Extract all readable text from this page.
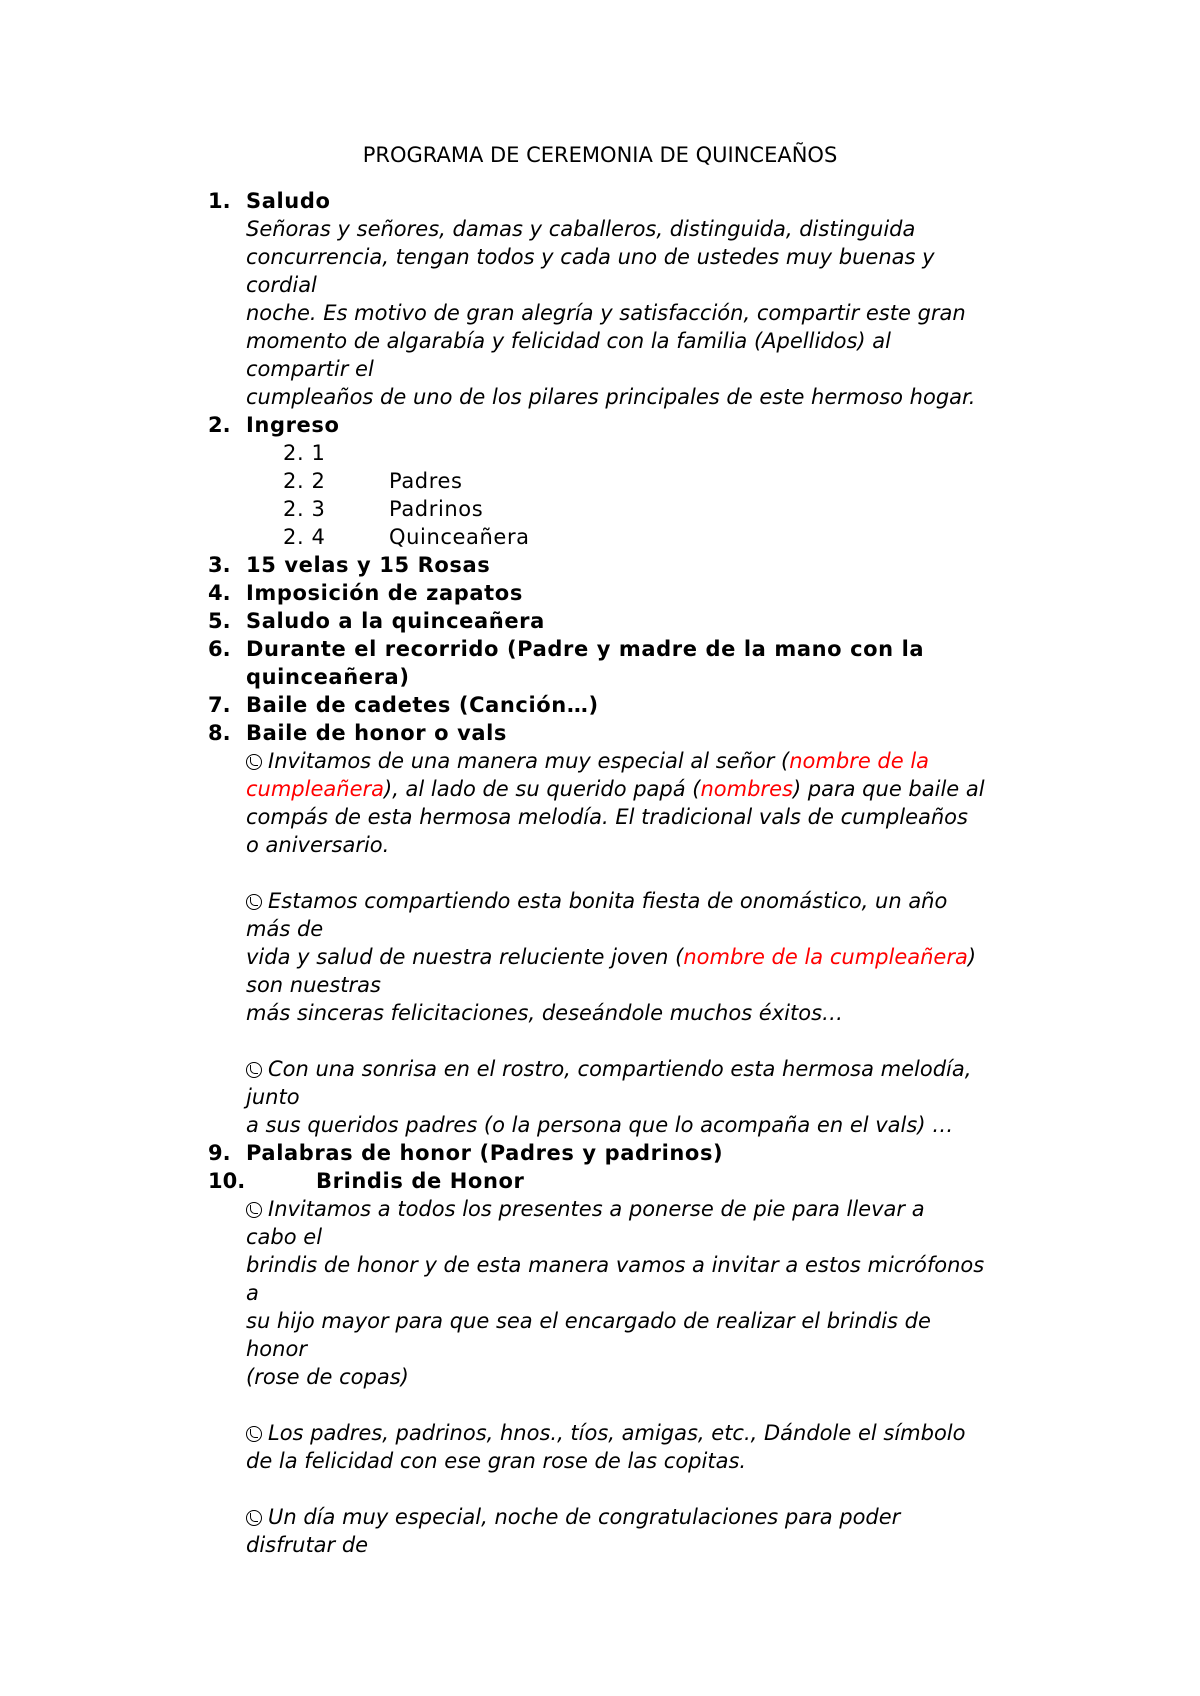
PROGRAMA DE CEREMONIA DE QUINCEAÑOS
1. Saludo
Señoras y señores, damas y caballeros, distinguida, distinguida
concurrencia, tengan todos y cada uno de ustedes muy buenas y
cordial
noche. Es motivo de gran alegría y satisfacción, compartir este gran
momento de algarabía y felicidad con la familia (Apellidos) al
compartir el
cumpleaños de uno de los pilares principales de este hermoso hogar.
2. Ingreso
2. 1
2. 2	Padres
2. 3	Padrinos
2. 4	Quinceañera
3. 15 velas y 15 Rosas
4. Imposición de zapatos
5. Saludo a la quinceañera
6. Durante el recorrido (Padre y madre de la mano con la
quinceañera)
7. Baile de cadetes (Canción…)
8. Baile de honor o vals
Invitamos de una manera muy especial al señor (nombre de la
cumpleañera), al lado de su querido papá (nombres) para que baile al
compás de esta hermosa melodía. El tradicional vals de cumpleaños
o aniversario.
Estamos compartiendo esta bonita fiesta de onomástico, un año
más de
vida y salud de nuestra reluciente joven (nombre de la cumpleañera)
son nuestras
más sinceras felicitaciones, deseándole muchos éxitos…
Con una sonrisa en el rostro, compartiendo esta hermosa melodía,
junto
a sus queridos padres (o la persona que lo acompaña en el vals) …
9. Palabras de honor (Padres y padrinos)
10.	Brindis de Honor
Invitamos a todos los presentes a ponerse de pie para llevar a
cabo el
brindis de honor y de esta manera vamos a invitar a estos micrófonos
a
su hijo mayor para que sea el encargado de realizar el brindis de
honor
(rose de copas)
Los padres, padrinos, hnos., tíos, amigas, etc., Dándole el símbolo
de la felicidad con ese gran rose de las copitas.
Un día muy especial, noche de congratulaciones para poder
disfrutar de
